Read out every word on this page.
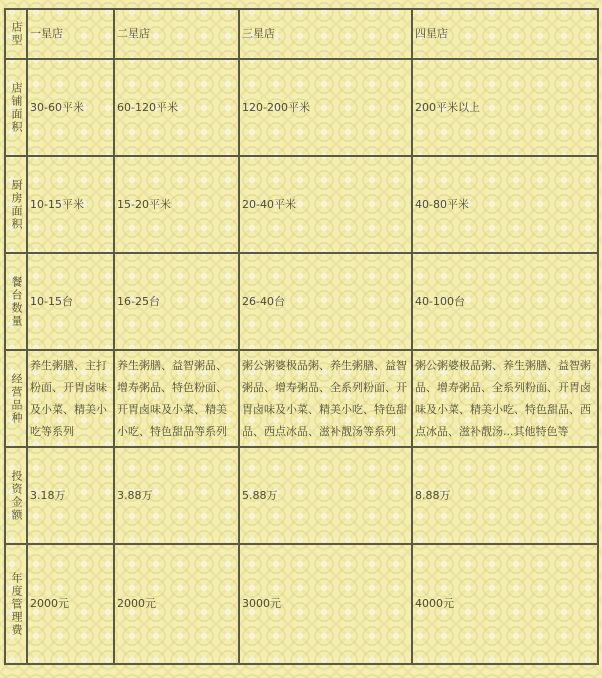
店型	一星店	二星店	三星店	四星店
店铺面积	30-60平米	60-120平米	120-200平米	200平米以上
厨房面积	10-15平米	15-20平米	20-40平米	40-80平米
餐台数量	10-15台	16-25台	26-40台	40-100台
经营品种	养生粥膳、主打粉面、开胃卤味及小菜、精美小吃等系列	养生粥膳、益智粥品、增寿粥品、特色粉面、开胃卤味及小菜、精美小吃、特色甜品等系列	粥公粥婆极品粥、养生粥膳、益智粥品、增寿粥品、全系列粉面、开胃卤味及小菜、精美小吃、特色甜品、西点冰品、滋补靓汤等系列	粥公粥婆极品粥、养生粥膳、益智粥品、增寿粥品、全系列粉面、开胃卤味及小菜、精美小吃、特色甜品、西点冰品、滋补靓汤...其他特色等
投资金额	3.18万	3.88万	5.88万	8.88万
年度管理费	2000元	2000元	3000元	4000元
